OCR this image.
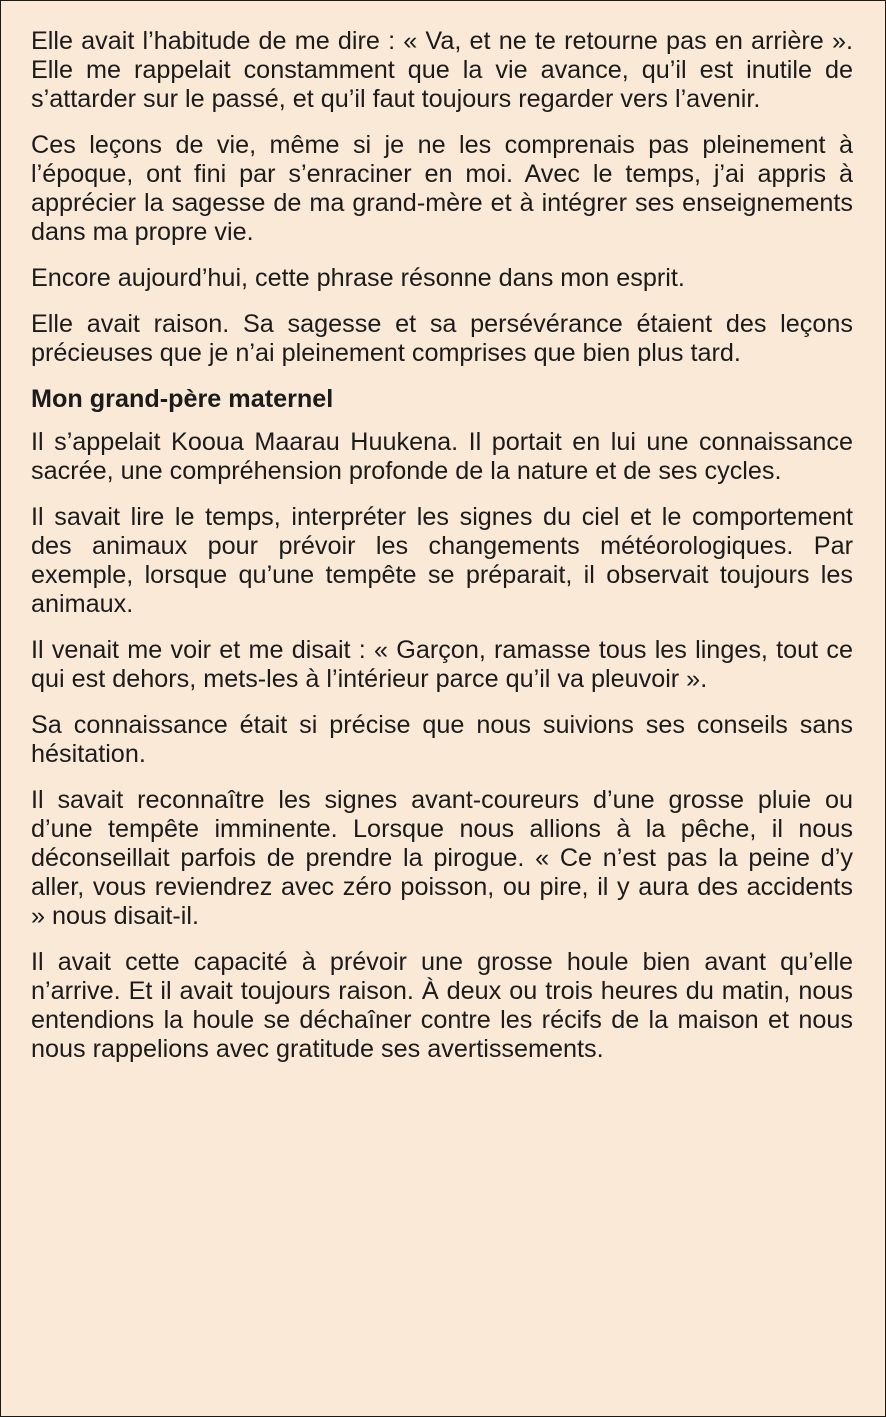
Elle avait l’habitude de me dire : « Va, et ne te retourne pas en arrière ». Elle me rappelait constamment que la vie avance, qu’il est inutile de s’attarder sur le passé, et qu’il faut toujours regarder vers l’avenir.

Ces leçons de vie, même si je ne les comprenais pas pleinement à l’époque, ont fini par s’enraciner en moi. Avec le temps, j’ai appris à apprécier la sagesse de ma grand-mère et à intégrer ses enseignements dans ma propre vie.

Encore aujourd’hui, cette phrase résonne dans mon esprit.

Elle avait raison. Sa sagesse et sa persévérance étaient des leçons précieuses que je n’ai pleinement comprises que bien plus tard.

Mon grand-père maternel

Il s’appelait Kooua Maarau Huukena. Il portait en lui une connaissance sacrée, une compréhension profonde de la nature et de ses cycles.

Il savait lire le temps, interpréter les signes du ciel et le comportement des animaux pour prévoir les changements météorologiques. Par exemple, lorsque qu’une tempête se préparait, il observait toujours les animaux.

Il venait me voir et me disait : « Garçon, ramasse tous les linges, tout ce qui est dehors, mets-les à l’intérieur parce qu’il va pleuvoir ».

Sa connaissance était si précise que nous suivions ses conseils sans hésitation.

Il savait reconnaître les signes avant-coureurs d’une grosse pluie ou d’une tempête imminente. Lorsque nous allions à la pêche, il nous déconseillait parfois de prendre la pirogue. « Ce n’est pas la peine d’y aller, vous reviendrez avec zéro poisson, ou pire, il y aura des accidents » nous disait-il.

Il avait cette capacité à prévoir une grosse houle bien avant qu’elle n’arrive. Et il avait toujours raison. À deux ou trois heures du matin, nous entendions la houle se déchaîner contre les récifs de la maison et nous nous rappelions avec gratitude ses avertissements.
